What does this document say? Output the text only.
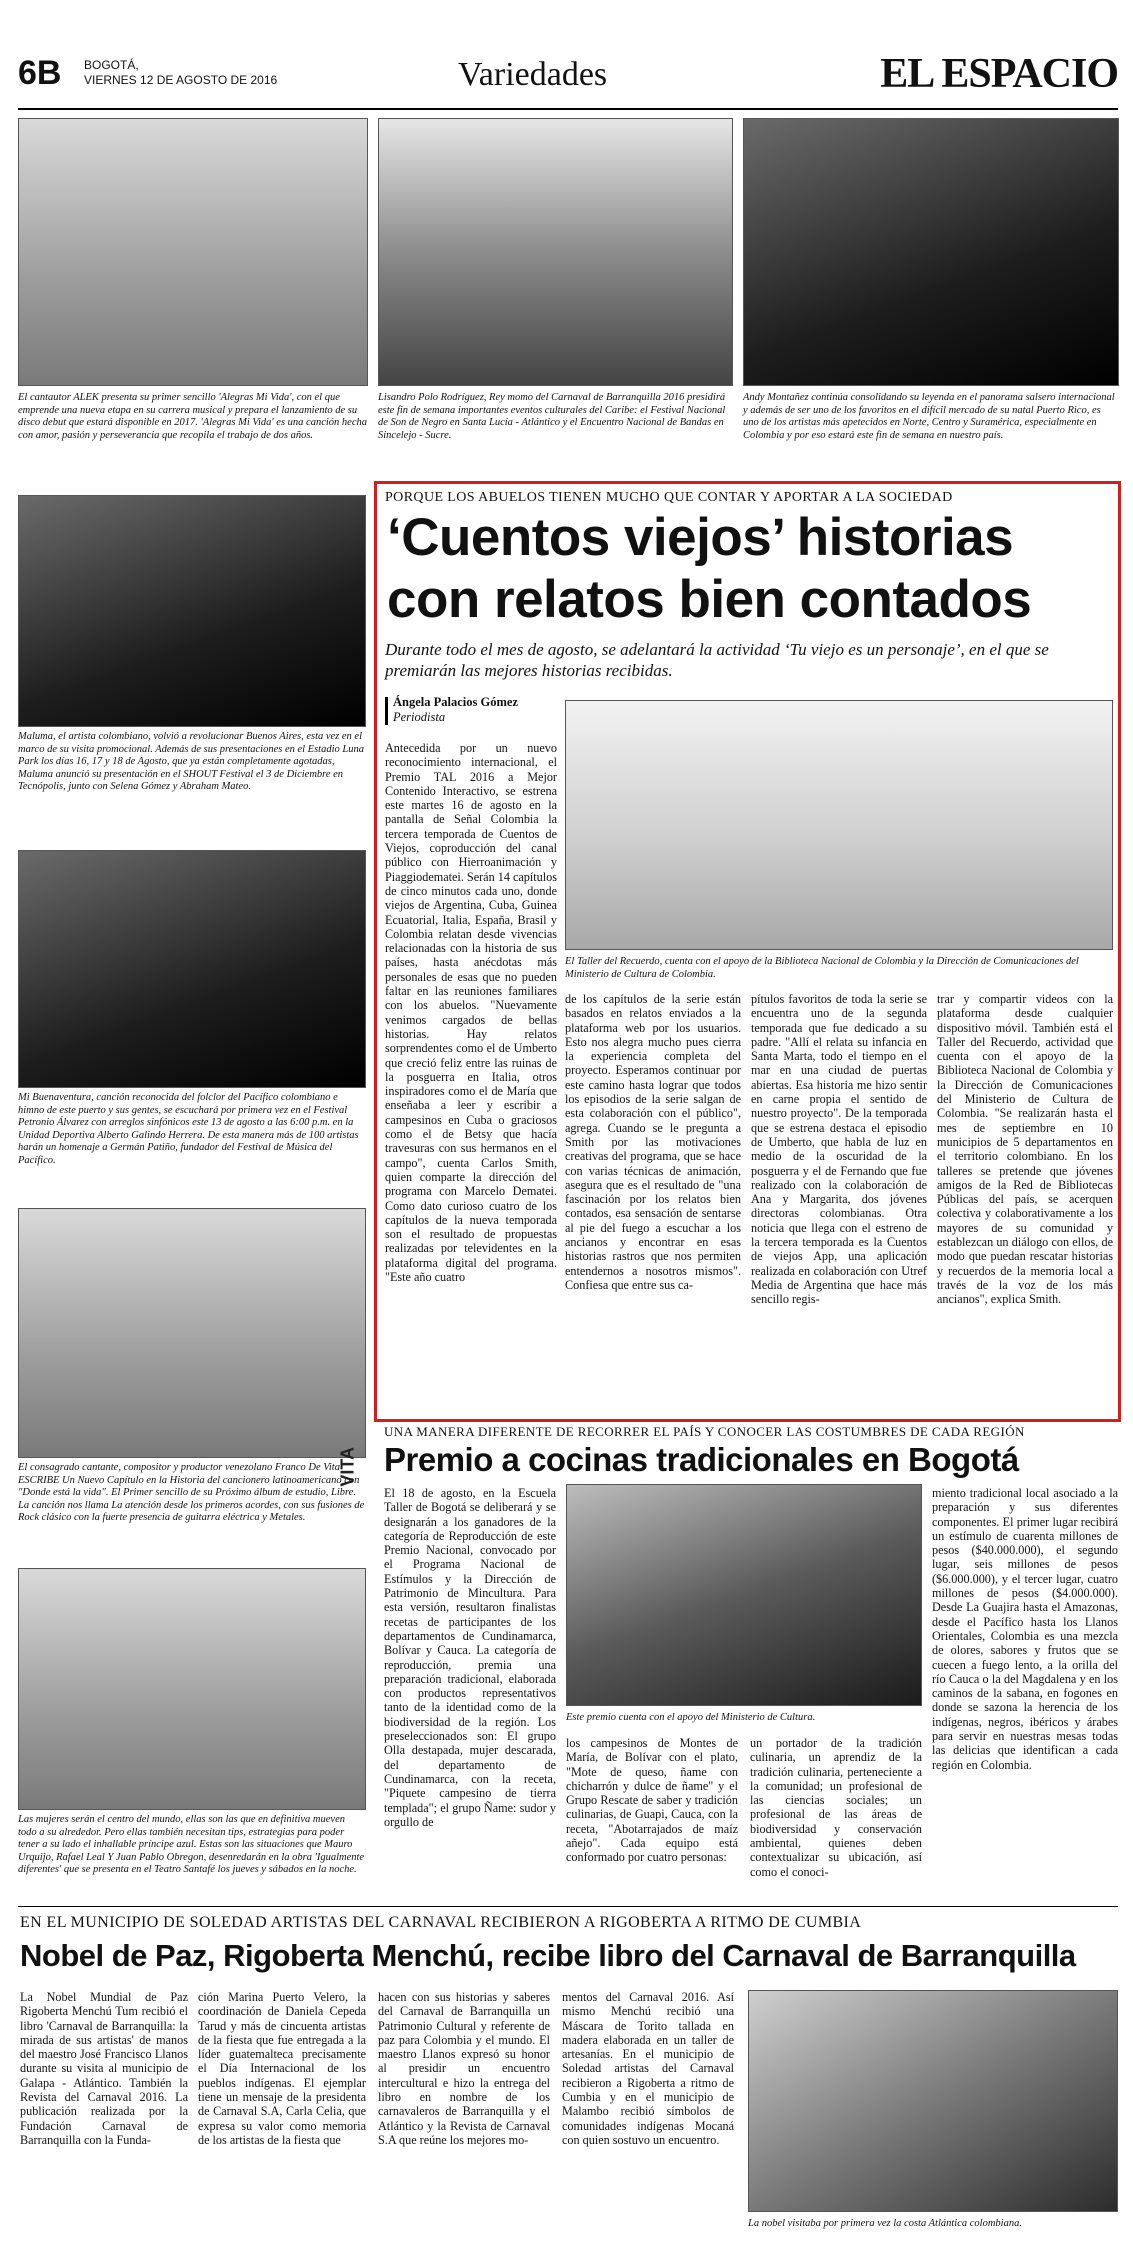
6B BOGOTÁ,
VIERNES 12 DE AGOSTO DE 2016	Variedades	EL ESPACIO
El cantautor ALEK presenta su primer sencillo 'Alegras Mi Vida', con el que emprende una nueva etapa en su carrera musical y prepara el lanzamiento de su disco debut que estará disponible en 2017. 'Alegras Mi Vida' es una canción hecha con amor, pasión y perseverancia que recopila el trabajo de dos años.
Lisandro Polo Rodríguez, Rey momo del Carnaval de Barranquilla 2016 presidirá este fin de semana importantes eventos culturales del Caribe: el Festival Nacional de Son de Negro en Santa Lucía - Atlántico y el Encuentro Nacional de Bandas en Sincelejo - Sucre.
Andy Montañez continúa consolidando su leyenda en el panorama salsero internacional y además de ser uno de los favoritos en el difícil mercado de su natal Puerto Rico, es uno de los artistas más apetecidos en Norte, Centro y Suramérica, especialmente en Colombia y por eso estará este fin de semana en nuestro país.
Maluma, el artista colombiano, volvió a revolucionar Buenos Aires, esta vez en el marco de su visita promocional. Además de sus presentaciones en el Estadio Luna Park los días 16, 17 y 18 de Agosto, que ya están completamente agotadas, Maluma anunció su presentación en el SHOUT Festival el 3 de Diciembre en Tecnópolis, junto con Selena Gómez y Abraham Mateo.
Mi Buenaventura, canción reconocida del folclor del Pacífico colombiano e himno de este puerto y sus gentes, se escuchará por primera vez en el Festival Petronio Álvarez con arreglos sinfónicos este 13 de agosto a las 6:00 p.m. en la Unidad Deportiva Alberto Galindo Herrera. De esta manera más de 100 artistas harán un homenaje a Germán Patiño, fundador del Festival de Música del Pacífico.
VITA
El consagrado cantante, compositor y productor venezolano Franco De Vita ESCRIBE Un Nuevo Capítulo en la Historia del cancionero latinoamericano con "Donde está la vida". El Primer sencillo de su Próximo álbum de estudio, Libre. La canción nos llama La atención desde los primeros acordes, con sus fusiones de Rock clásico con la fuerte presencia de guitarra eléctrica y Metales.
Las mujeres serán el centro del mundo, ellas son las que en definitiva mueven todo a su alrededor. Pero ellas también necesitan tips, estrategias para poder tener a su lado el inhallable príncipe azul. Estas son las situaciones que Mauro Urquijo, Rafael Leal Y Juan Pablo Obregon, desenredarán en la obra 'Igualmente diferentes' que se presenta en el Teatro Santafé los jueves y sábados en la noche.
PORQUE LOS ABUELOS TIENEN MUCHO QUE CONTAR Y APORTAR A LA SOCIEDAD
‘Cuentos viejos’ historias
con relatos bien contados
Durante todo el mes de agosto, se adelantará la actividad ‘Tu viejo es un personaje’, en el que se premiarán las mejores historias recibidas.
Ángela Palacios Gómez
Periodista
Antecedida por un nuevo reconocimiento internacional, el Premio TAL 2016 a Mejor Contenido Interactivo, se estrena este martes 16 de agosto en la pantalla de Señal Colombia la tercera temporada de Cuentos de Viejos, coproducción del canal público con Hierroanimación y Piaggiodematei. Serán 14 capítulos de cinco minutos cada uno, donde viejos de Argentina, Cuba, Guinea Ecuatorial, Italia, España, Brasil y Colombia relatan desde vivencias relacionadas con la historia de sus países, hasta anécdotas más personales de esas que no pueden faltar en las reuniones familiares con los abuelos. "Nuevamente venimos cargados de bellas historias. Hay relatos sorprendentes como el de Umberto que creció feliz entre las ruinas de la posguerra en Italia, otros inspiradores como el de María que enseñaba a leer y escribir a campesinos en Cuba o graciosos como el de Betsy que hacía travesuras con sus hermanos en el campo", cuenta Carlos Smith, quien comparte la dirección del programa con Marcelo Dematei. Como dato curioso cuatro de los capítulos de la nueva temporada son el resultado de propuestas realizadas por televidentes en la plataforma digital del programa. "Este año cuatro
El Taller del Recuerdo, cuenta con el apoyo de la Biblioteca Nacional de Colombia y la Dirección de Comunicaciones del Ministerio de Cultura de Colombia.
de los capítulos de la serie están basados en relatos enviados a la plataforma web por los usuarios. Esto nos alegra mucho pues cierra la experiencia completa del proyecto. Esperamos continuar por este camino hasta lograr que todos los episodios de la serie salgan de esta colaboración con el público", agrega. Cuando se le pregunta a Smith por las motivaciones creativas del programa, que se hace con varias técnicas de animación, asegura que es el resultado de "una fascinación por los relatos bien contados, esa sensación de sentarse al pie del fuego a escuchar a los ancianos y encontrar en esas historias rastros que nos permiten entendernos a nosotros mismos". Confiesa que entre sus ca-
pítulos favoritos de toda la serie se encuentra uno de la segunda temporada que fue dedicado a su padre. "Allí el relata su infancia en Santa Marta, todo el tiempo en el mar en una ciudad de puertas abiertas. Esa historia me hizo sentir en carne propia el sentido de nuestro proyecto". De la temporada que se estrena destaca el episodio de Umberto, que habla de luz en medio de la oscuridad de la posguerra y el de Fernando que fue realizado con la colaboración de Ana y Margarita, dos jóvenes directoras colombianas. Otra noticia que llega con el estreno de la tercera temporada es la Cuentos de viejos App, una aplicación realizada en colaboración con Utref Media de Argentina que hace más sencillo regis-
trar y compartir videos con la plataforma desde cualquier dispositivo móvil. También está el Taller del Recuerdo, actividad que cuenta con el apoyo de la Biblioteca Nacional de Colombia y la Dirección de Comunicaciones del Ministerio de Cultura de Colombia. "Se realizarán hasta el mes de septiembre en 10 municipios de 5 departamentos en el territorio colombiano. En los talleres se pretende que jóvenes amigos de la Red de Bibliotecas Públicas del país, se acerquen colectiva y colaborativamente a los mayores de su comunidad y establezcan un diálogo con ellos, de modo que puedan rescatar historias y recuerdos de la memoria local a través de la voz de los más ancianos", explica Smith.
UNA MANERA DIFERENTE DE RECORRER EL PAÍS Y CONOCER LAS COSTUMBRES DE CADA REGIÓN
Premio a cocinas tradicionales en Bogotá
El 18 de agosto, en la Escuela Taller de Bogotá se deliberará y se designarán a los ganadores de la categoría de Reproducción de este Premio Nacional, convocado por el Programa Nacional de Estímulos y la Dirección de Patrimonio de Mincultura. Para esta versión, resultaron finalistas recetas de participantes de los departamentos de Cundinamarca, Bolívar y Cauca. La categoría de reproducción, premia una preparación tradicional, elaborada con productos representativos tanto de la identidad como de la biodiversidad de la región. Los preseleccionados son: El grupo Olla destapada, mujer descarada, del departamento de Cundinamarca, con la receta, "Piquete campesino de tierra templada"; el grupo Ñame: sudor y orgullo de
Este premio cuenta con el apoyo del Ministerio de Cultura.
los campesinos de Montes de María, de Bolívar con el plato, "Mote de queso, ñame con chicharrón y dulce de ñame" y el Grupo Rescate de saber y tradición culinarias, de Guapi, Cauca, con la receta, "Abotarrajados de maíz añejo". Cada equipo está conformado por cuatro personas:
un portador de la tradición culinaria, un aprendiz de la tradición culinaria, perteneciente a la comunidad; un profesional de las ciencias sociales; un profesional de las áreas de biodiversidad y conservación ambiental, quienes deben contextualizar su ubicación, así como el conoci-
miento tradicional local asociado a la preparación y sus diferentes componentes. El primer lugar recibirá un estímulo de cuarenta millones de pesos ($40.000.000), el segundo lugar, seis millones de pesos ($6.000.000), y el tercer lugar, cuatro millones de pesos ($4.000.000). Desde La Guajira hasta el Amazonas, desde el Pacífico hasta los Llanos Orientales, Colombia es una mezcla de olores, sabores y frutos que se cuecen a fuego lento, a la orilla del río Cauca o la del Magdalena y en los caminos de la sabana, en fogones en donde se sazona la herencia de los indígenas, negros, ibéricos y árabes para servir en nuestras mesas todas las delicias que identifican a cada región en Colombia.
EN EL MUNICIPIO DE SOLEDAD ARTISTAS DEL CARNAVAL RECIBIERON A RIGOBERTA A RITMO DE CUMBIA
Nobel de Paz, Rigoberta Menchú, recibe libro del Carnaval de Barranquilla
La Nobel Mundial de Paz Rigoberta Menchú Tum recibió el libro 'Carnaval de Barranquilla: la mirada de sus artistas' de manos del maestro José Francisco Llanos durante su visita al municipio de Galapa - Atlántico. También la Revista del Carnaval 2016. La publicación realizada por la Fundación Carnaval de Barranquilla con la Funda-
ción Marina Puerto Velero, la coordinación de Daniela Cepeda Tarud y más de cincuenta artistas de la fiesta que fue entregada a la líder guatemalteca precisamente el Día Internacional de los pueblos indígenas. El ejemplar tiene un mensaje de la presidenta de Carnaval S.A, Carla Celia, que expresa su valor como memoria de los artistas de la fiesta que
hacen con sus historias y saberes del Carnaval de Barranquilla un Patrimonio Cultural y referente de paz para Colombia y el mundo. El maestro Llanos expresó su honor al presidir un encuentro intercultural e hizo la entrega del libro en nombre de los carnavaleros de Barranquilla y el Atlántico y la Revista de Carnaval S.A que reúne los mejores mo-
mentos del Carnaval 2016. Así mismo Menchú recibió una Máscara de Torito tallada en madera elaborada en un taller de artesanías. En el municipio de Soledad artistas del Carnaval recibieron a Rigoberta a ritmo de Cumbia y en el municipio de Malambo recibió símbolos de comunidades indígenas Mocaná con quien sostuvo un encuentro.
La nobel visitaba por primera vez la costa Atlántica colombiana.
